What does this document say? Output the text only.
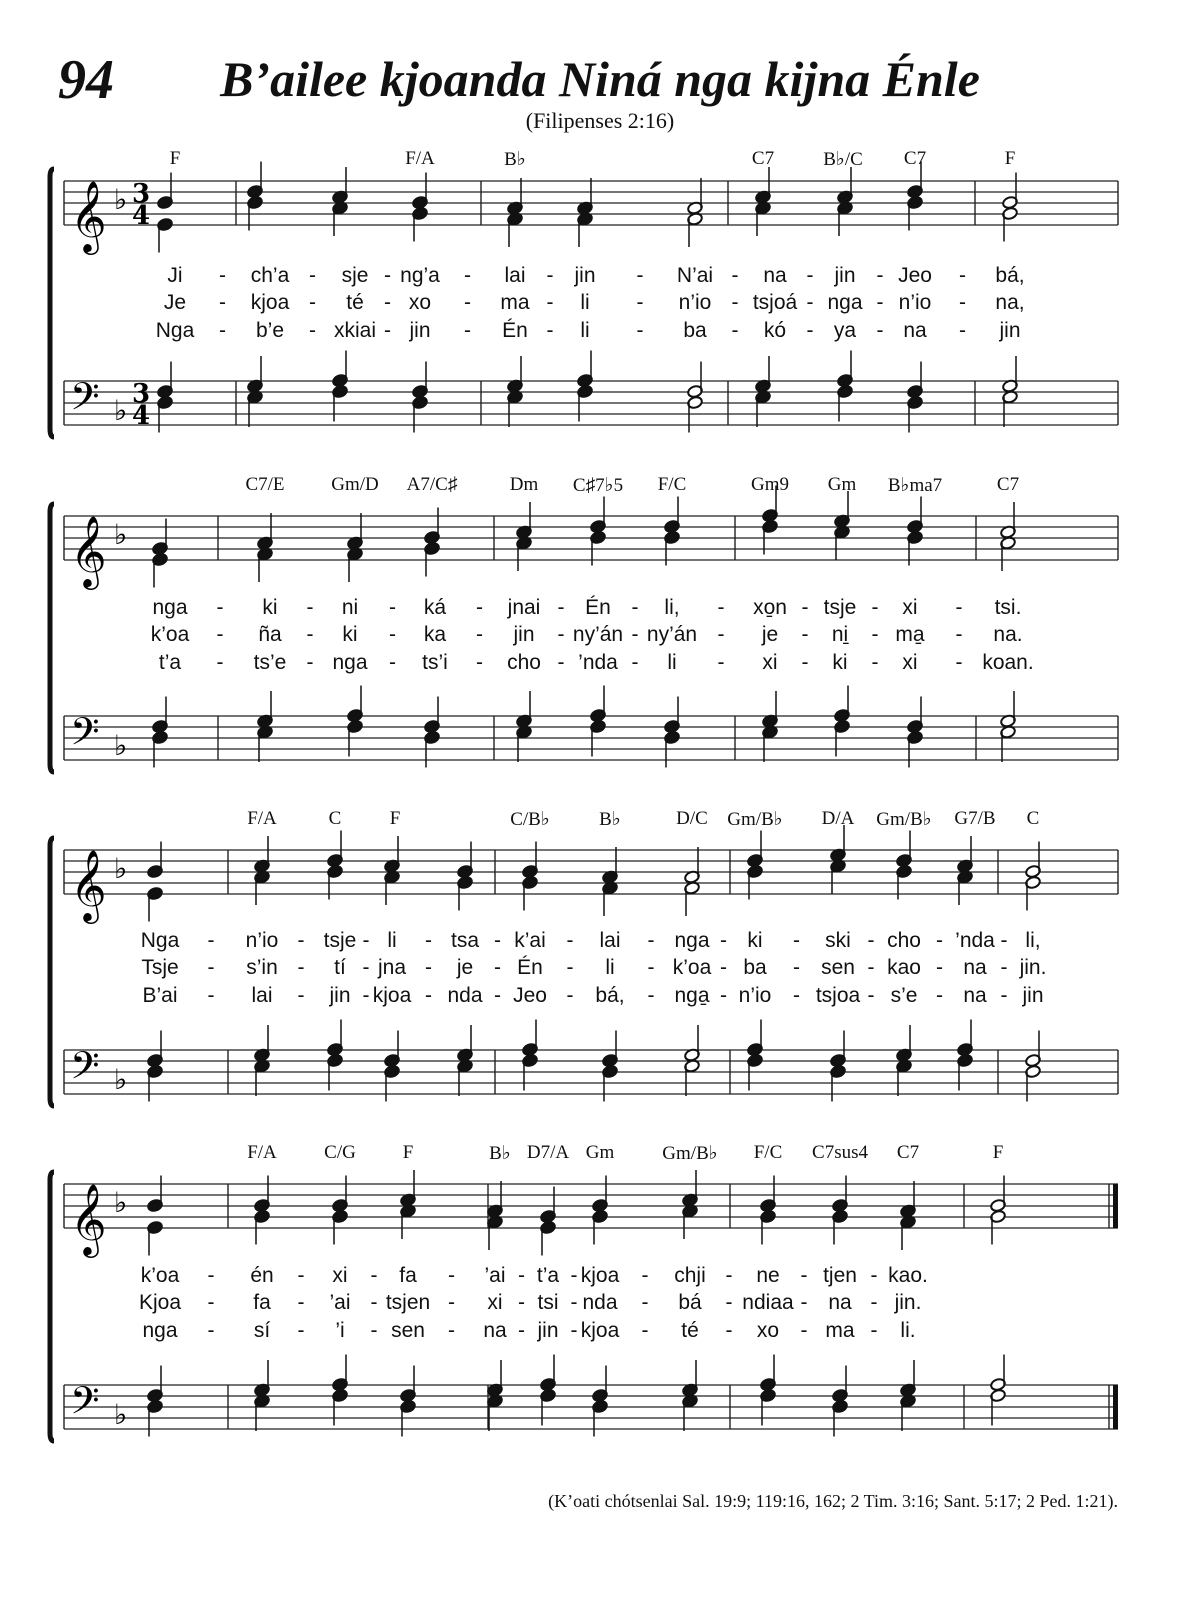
94	B’ailee kjoanda Niná nga kijna Énle
(Filipenses 2:16)
𝄞 ♭ 3
4
𝄢 ♭ 3
4
𝄞 ♭
𝄢 ♭
𝄞 ♭
𝄢 ♭
𝄞 ♭
𝄢 ♭
F	F/A	B♭	C7	B♭/C C7	F
Ji - ch’a - sje - ng’a - lai - jin - N’ai - na - jin - Jeo - bá,
Je - kjoa - té - xo - ma - li - n’io - tsjoá - nga - n’io - na,
Nga - b’e - xkiai - jin - Én - li - ba - kó - ya - na - jin
C7/E Gm/D A7/C♯	Dm C♯7♭5 F/C	Gm9 Gm B♭ma7	C7
nga - ki - ni - ká - jnai - Én - li, - xo̱n - tsje - xi - tsi.
k’oa - ña - ki - ka - jin - ny’án - ny’án - je - ni̱ - ma̱ - na.
t’a - ts’e - nga - ts’i - cho - ’nda - li - xi - ki - xi - koan.
F/A	C	F	C/B♭	B♭	D/C Gm/B♭ D/A Gm/B♭ G7/B C
Nga - n’io - tsje - li - tsa - k’ai - lai - nga - ki - ski - cho - ’nda - li,
Tsje - s’in - tí - jna - je - Én - li - k’oa - ba - sen - kao - na - jin.
B’ai - lai - jin - kjoa - nda - Jeo - bá, - nga̱ - n’io - tsjoa - s’e - na - jin
F/A C/G F	B♭ D7/A Gm	Gm/B♭ F/C C7sus4 C7	F
k’oa - én - xi - fa - ’ai - t’a - kjoa - chji - ne - tjen - kao.
Kjoa - fa - ’ai - tsjen - xi - tsi - nda - bá - ndiaa - na - jin.
nga - sí - ’i - sen - na - jin - kjoa - té - xo - ma - li.
(K’oati chótsenlai Sal. 19:9; 119:16, 162; 2 Tim. 3:16; Sant. 5:17; 2 Ped. 1:21).
